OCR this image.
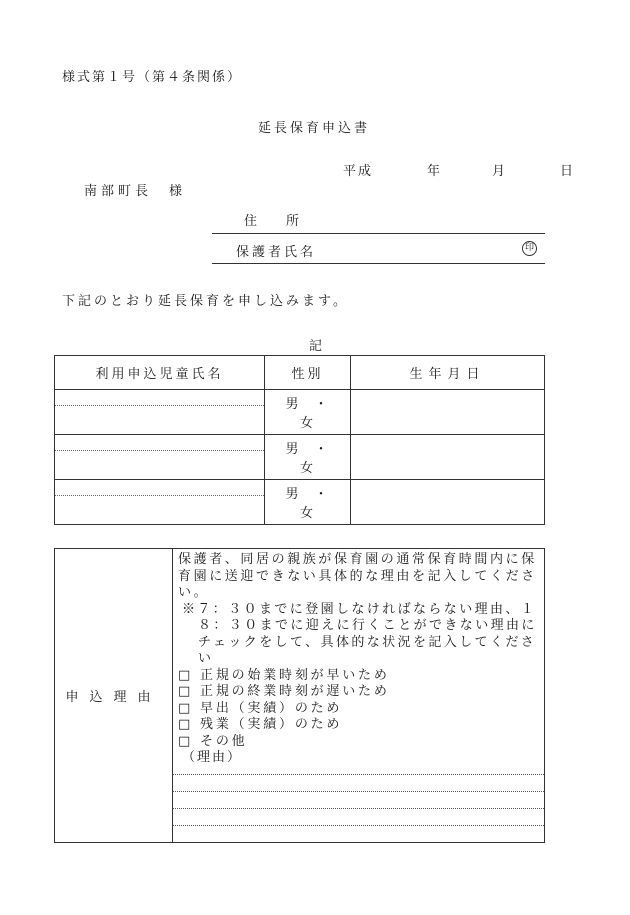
様式第１号（第４条関係）
延長保育申込書
平成	年	月	日
南部町長　様
住　　所
保護者氏名	印
下記のとおり延長保育を申し込みます。
記
利用申込児童氏名	性別	生年月日

	男 ・女	

	男 ・女	

	男 ・女	
申込理由	

保護者、同居の親族が保育園の通常保育時間内に保育園に送迎できない具体的な理由を記入してください。

※７：３０までに登園しなければならない理由、１８：３０までに迎えに行くことができない理由にチェックをして、具体的な状況を記入してください

□ 正規の始業時刻が早いため

□ 正規の終業時刻が遅いため

□ 早出（実績）のため

□ 残業（実績）のため

□ その他

（理由）
